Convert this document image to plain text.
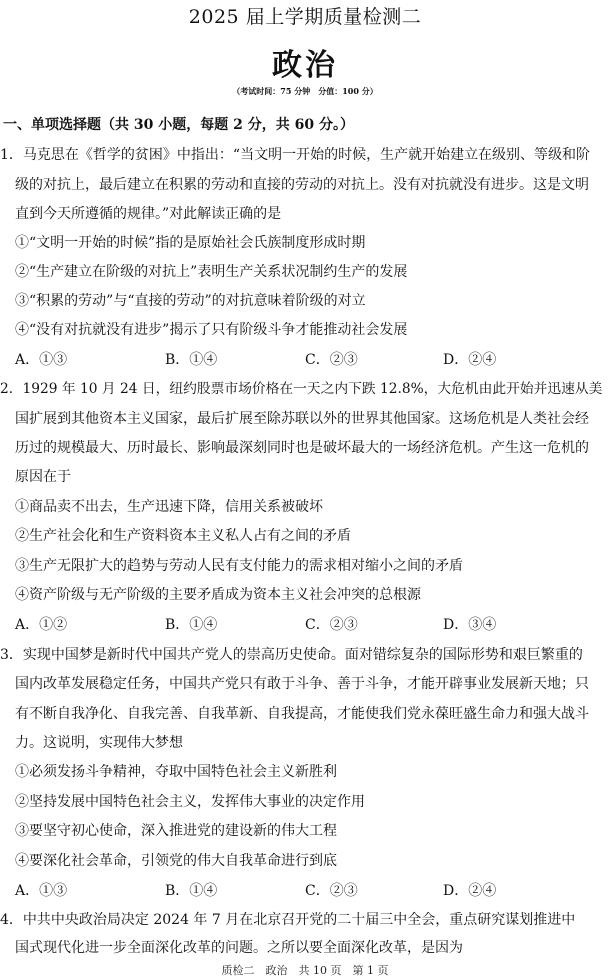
2025 届上学期质量检测二
政治
（考试时间：75 分钟　分值：100 分）
一、单项选择题（共 30 小题，每题 2 分，共 60 分。）
1．马克思在《哲学的贫困》中指出：“当文明一开始的时候，生产就开始建立在级别、等级和阶
级的对抗上，最后建立在积累的劳动和直接的劳动的对抗上。没有对抗就没有进步。这是文明
直到今天所遵循的规律。”对此解读正确的是
①“文明一开始的时候”指的是原始社会氏族制度形成时期
②“生产建立在阶级的对抗上”表明生产关系状况制约生产的发展
③“积累的劳动”与“直接的劳动”的对抗意味着阶级的对立
④“没有对抗就没有进步”揭示了只有阶级斗争才能推动社会发展
A．①③	B．①④	C．②③	D．②④
2．1929 年 10 月 24 日，纽约股票市场价格在一天之内下跌 12.8%，大危机由此开始并迅速从美
国扩展到其他资本主义国家，最后扩展至除苏联以外的世界其他国家。这场危机是人类社会经
历过的规模最大、历时最长、影响最深刻同时也是破坏最大的一场经济危机。产生这一危机的
原因在于
①商品卖不出去，生产迅速下降，信用关系被破坏
②生产社会化和生产资料资本主义私人占有之间的矛盾
③生产无限扩大的趋势与劳动人民有支付能力的需求相对缩小之间的矛盾
④资产阶级与无产阶级的主要矛盾成为资本主义社会冲突的总根源
A．①②	B．①④	C．②③	D．③④
3．实现中国梦是新时代中国共产党人的崇高历史使命。面对错综复杂的国际形势和艰巨繁重的
国内改革发展稳定任务，中国共产党只有敢于斗争、善于斗争，才能开辟事业发展新天地；只
有不断自我净化、自我完善、自我革新、自我提高，才能使我们党永葆旺盛生命力和强大战斗
力。这说明，实现伟大梦想
①必须发扬斗争精神，夺取中国特色社会主义新胜利
②坚持发展中国特色社会主义，发挥伟大事业的决定作用
③要坚守初心使命，深入推进党的建设新的伟大工程
④要深化社会革命，引领党的伟大自我革命进行到底
A．①③	B．①④	C．②③	D．②④
4．中共中央政治局决定 2024 年 7 月在北京召开党的二十届三中全会，重点研究谋划推进中
国式现代化进一步全面深化改革的问题。之所以要全面深化改革，是因为
质检二　政治　共 10 页　第 1 页
